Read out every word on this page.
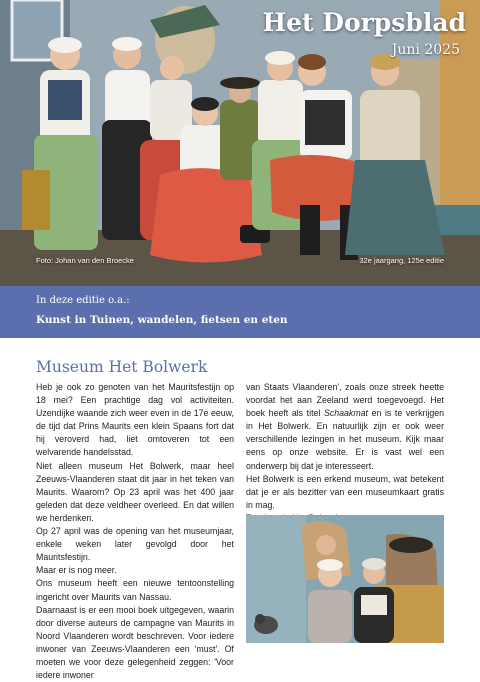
Het Dorpsblad
Juni 2025
Foto: Johan van den Broecke	32e jaargang, 125e editie
In deze editie o.a.:
Kunst in Tuinen, wandelen, fietsen en eten
Museum Het Bolwerk

Heb je ook zo genoten van het Mauritsfestijn op 18 mei? Een prachtige dag vol activiteiten. Uzendijke waande zich weer even in de 17e eeuw, de tijd dat Prins Maurits een klein Spaans fort dat hij veroverd had, liet omtoveren tot een welvarende handelsstad.

Niet alleen museum Het Bolwerk, maar heel Zeeuws-Vlaanderen staat dit jaar in het teken van Maurits. Waarom? Op 23 april was het 400 jaar geleden dat deze veldheer overleed. En dat willen we herdenken.

Op 27 april was de opening van het museumjaar, enkele weken later gevolgd door het Mauritsfestijn.

Maar er is nog meer.

Ons museum heeft een nieuwe tentoonstelling ingericht over Maurits van Nassau.

Daarnaast is er een mooi boek uitgegeven, waarin door diverse auteurs de campagne van Maurits in Noord Vlaanderen wordt beschreven. Voor iedere inwoner van Zeeuws-Vlaanderen een 'must'. Of moeten we voor deze gelegenheid zeggen: 'Voor iedere inwoner

van Staats Vlaanderen', zoals onze streek heette voordat het aan Zeeland werd toegevoegd. Het boek heeft als titel Schaakmat en is te verkrijgen in Het Bolwerk. En natuurlijk zijn er ook weer verschillende lezingen in het museum. Kijk maar eens op onze website. Er is vast wel een onderwerp bij dat je interesseert.

Het Bolwerk is een erkend museum, wat betekent dat je er als bezitter van een museumkaart gratis in mag.
